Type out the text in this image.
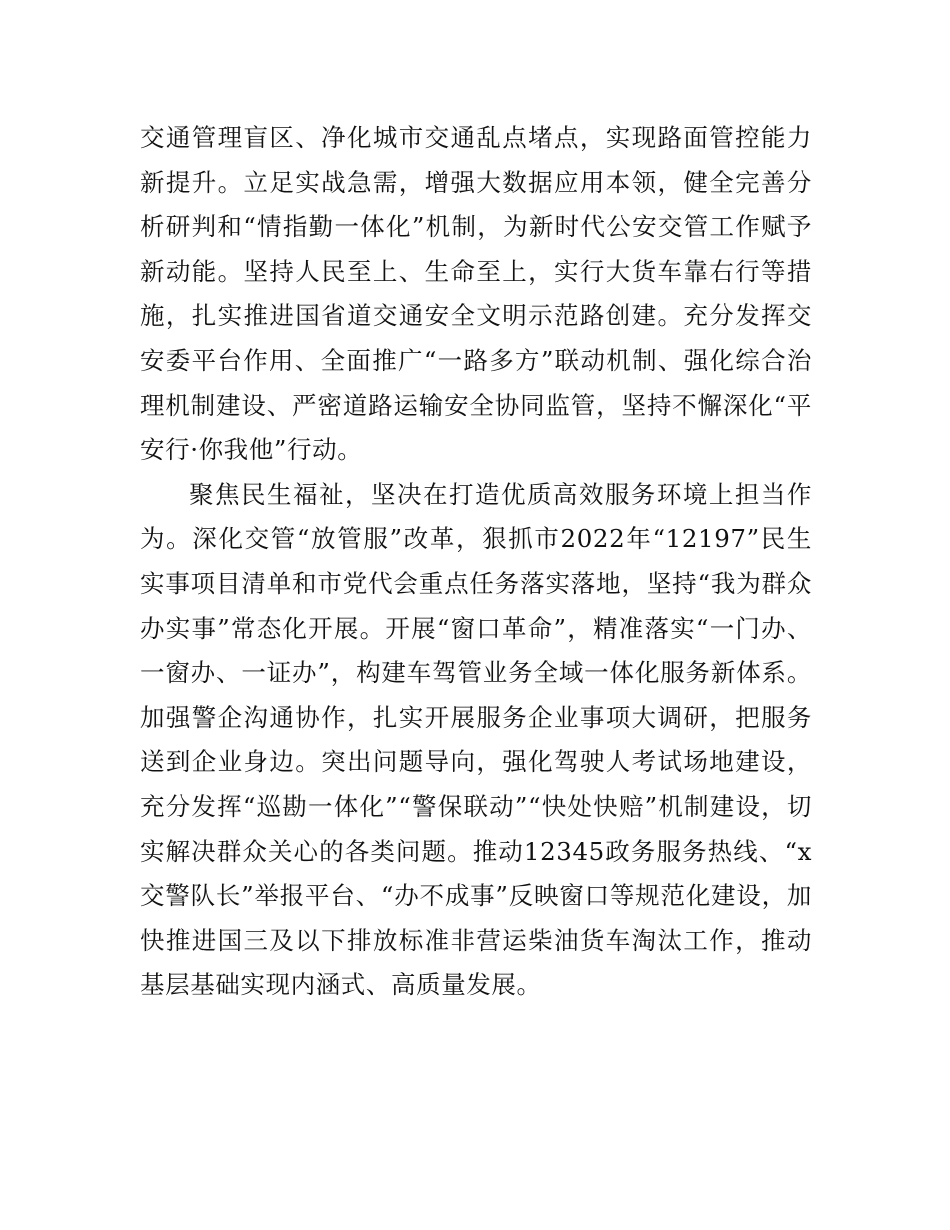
交通管理盲区、净化城市交通乱点堵点，实现路面管控能力新提升。立足实战急需，增强大数据应用本领，健全完善分析研判和“情指勤一体化”机制，为新时代公安交管工作赋予新动能。坚持人民至上、生命至上，实行大货车靠右行等措施，扎实推进国省道交通安全文明示范路创建。充分发挥交安委平台作用、全面推广“一路多方”联动机制、强化综合治理机制建设、严密道路运输安全协同监管，坚持不懈深化“平安行·你我他”行动。

聚焦民生福祉，坚决在打造优质高效服务环境上担当作为。深化交管“放管服”改革，狠抓市2022年“12197”民生实事项目清单和市党代会重点任务落实落地，坚持“我为群众办实事”常态化开展。开展“窗口革命”，精准落实“一门办、一窗办、一证办”，构建车驾管业务全域一体化服务新体系。加强警企沟通协作，扎实开展服务企业事项大调研，把服务送到企业身边。突出问题导向，强化驾驶人考试场地建设，充分发挥“巡勘一体化”“警保联动”“快处快赔”机制建设，切实解决群众关心的各类问题。推动12345政务服务热线、“x交警队长”举报平台、“办不成事”反映窗口等规范化建设，加快推进国三及以下排放标准非营运柴油货车淘汰工作，推动基层基础实现内涵式、高质量发展。
